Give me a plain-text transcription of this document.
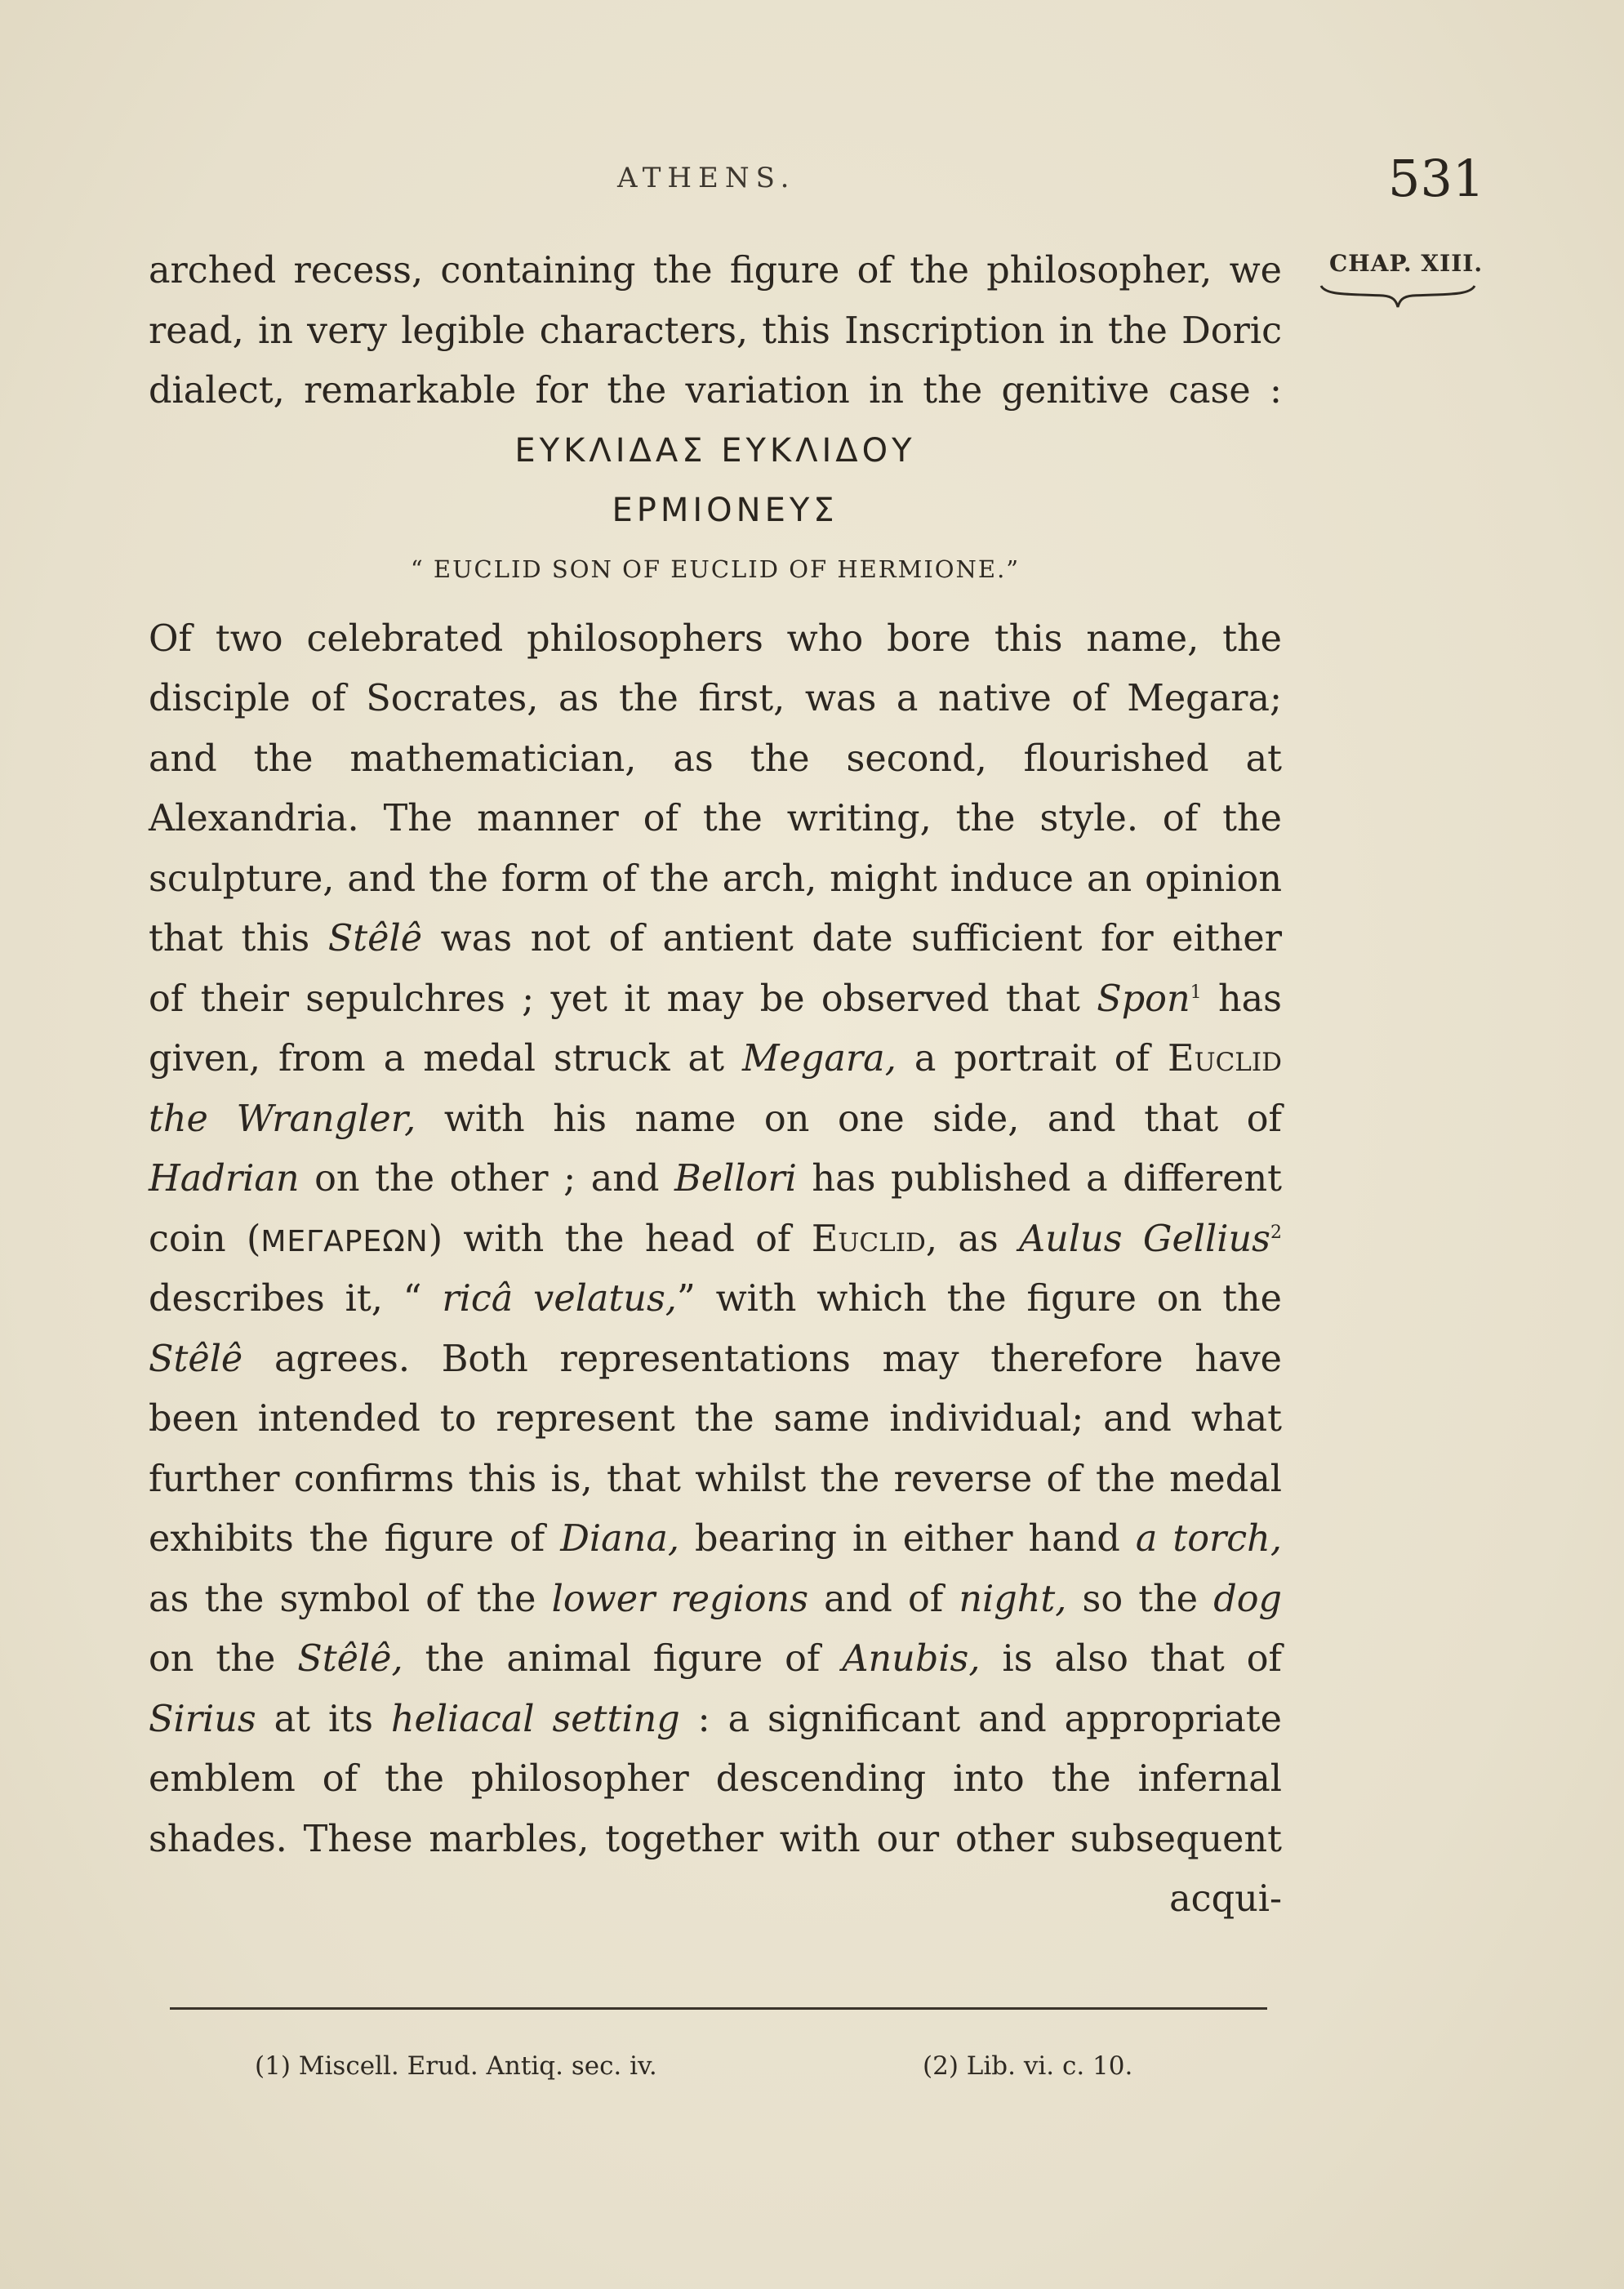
ATHENS.	531
CHAP. XIII.
arched recess, containing the figure of the philosopher, we
read, in very legible characters, this Inscription in the Doric
dialect, remarkable for the variation in the genitive case :
ΕΥΚΛΙΔΑΣ ΕΥΚΛΙΔΟΥ
ΕΡΜΙΟΝΕΥΣ
“ EUCLID SON OF EUCLID OF HERMIONE.”
Of two celebrated philosophers who bore this name, the
disciple of Socrates, as the first, was a native of Megara;
and the mathematician, as the second, flourished at
Alexandria. The manner of the writing, the style. of the
sculpture, and the form of the arch, might induce an opinion
that this Stêlê was not of antient date sufficient for either
of their sepulchres ; yet it may be observed that Spon$^1$ has
given, from a medal struck at Megara, a portrait of Euclid
the Wrangler, with his name on one side, and that of
Hadrian on the other ; and Bellori has published a different
coin (ΜΕΓΑΡΕΩΝ) with the head of Euclid, as Aulus Gellius$^2$
describes it, “ ricâ velatus,” with which the figure on the
Stêlê agrees. Both representations may therefore have
been intended to represent the same individual; and what
further confirms this is, that whilst the reverse of the medal
exhibits the figure of Diana, bearing in either hand a torch,
as the symbol of the lower regions and of night, so the dog
on the Stêlê, the animal figure of Anubis, is also that of
Sirius at its heliacal setting : a significant and appropriate
emblem of the philosopher descending into the infernal
shades. These marbles, together with our other subsequent
acqui-
(1) Miscell. Erud. Antiq. sec. iv.	(2) Lib. vi. c. 10.
